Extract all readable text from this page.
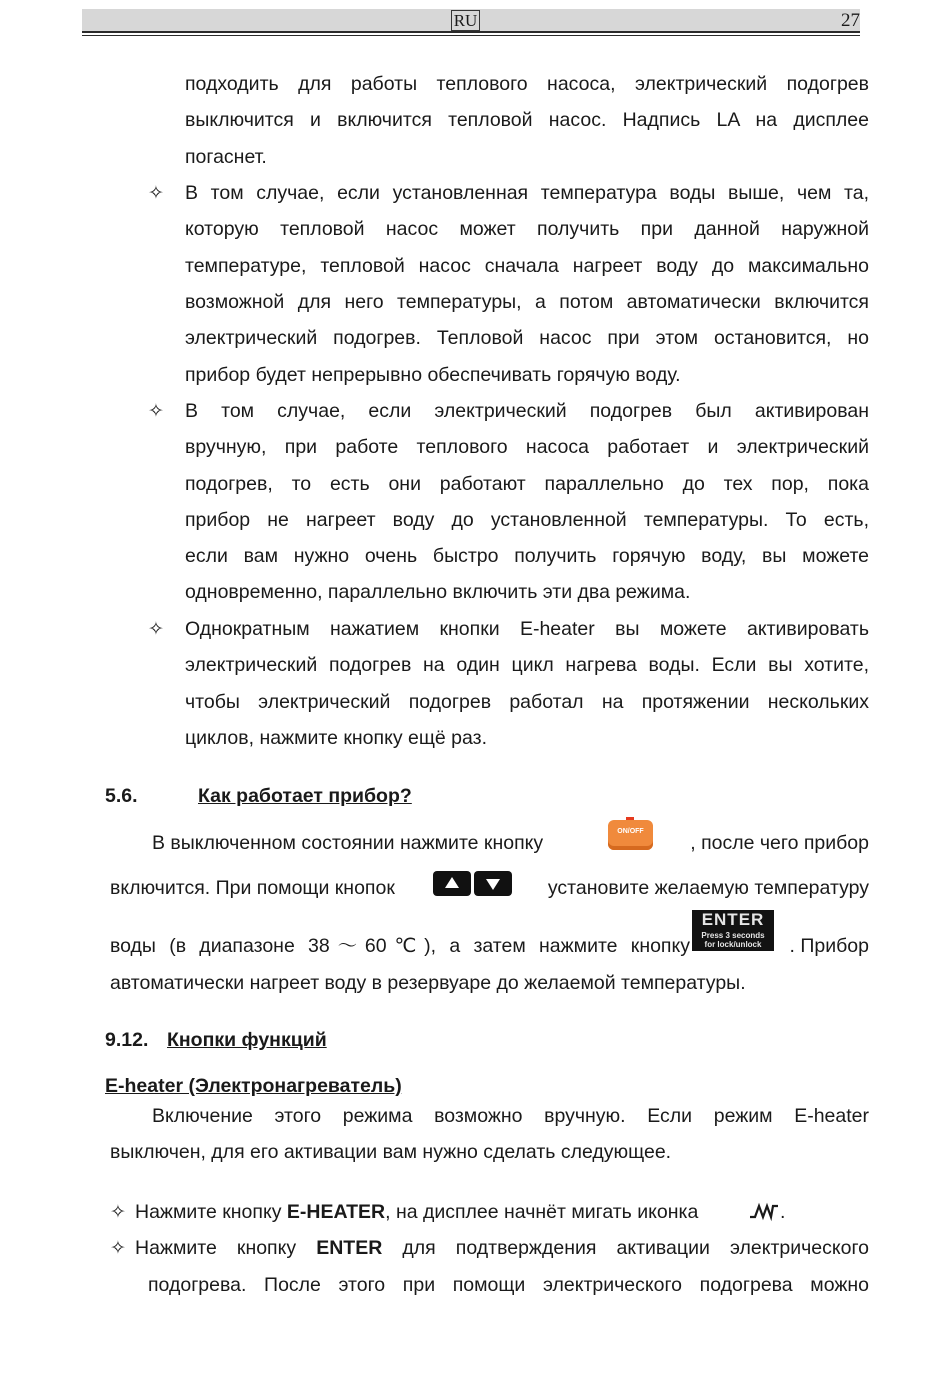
RU	27
подходить для работы теплового насоса, электрический подогрев
выключится и включится тепловой насос. Надпись LA на дисплее
погаснет.
✧ В том случае, если установленная температура воды выше, чем та,
которую тепловой насос может получить при данной наружной
температуре, тепловой насос сначала нагреет воду до максимально
возможной для него температуры, а потом автоматически включится
электрический подогрев. Тепловой насос при этом остановится, но
прибор будет непрерывно обеспечивать горячую воду.
✧ В том случае, если электрический подогрев был активирован
вручную, при работе теплового насоса работает и электрический
подогрев, то есть они работают параллельно до тех пор, пока
прибор не нагреет воду до установленной температуры. То есть,
если вам нужно очень быстро получить горячую воду, вы можете
одновременно, параллельно включить эти два режима.
✧ Однократным нажатием кнопки E-heater вы можете активировать
электрический подогрев на один цикл нагрева воды. Если вы хотите,
чтобы электрический подогрев работал на протяжении нескольких
циклов, нажмите кнопку ещё раз.
5.6.	Как работает прибор?
В выключенном состоянии нажмите кнопку
ON/OFF
, после чего прибор
включится. При помощи кнопок	установите желаемую температуру
воды (в диапазоне 38～60℃), а затем нажмите кнопку
ENTER
Press 3 seconds
for lock/unlock	. Прибор
автоматически нагреет воду в резервуаре до желаемой температуры.
9.12. Кнопки функций
E-heater (Электронагреватель)
Включение этого режима возможно вручную. Если режим E-heater
выключен, для его активации вам нужно сделать следующее.
✧ Нажмите кнопку E-HEATER, на дисплее начнёт мигать иконка	.
✧ Нажмите кнопку ENTER для подтверждения активации электрического
подогрева. После этого при помощи электрического подогрева можно
